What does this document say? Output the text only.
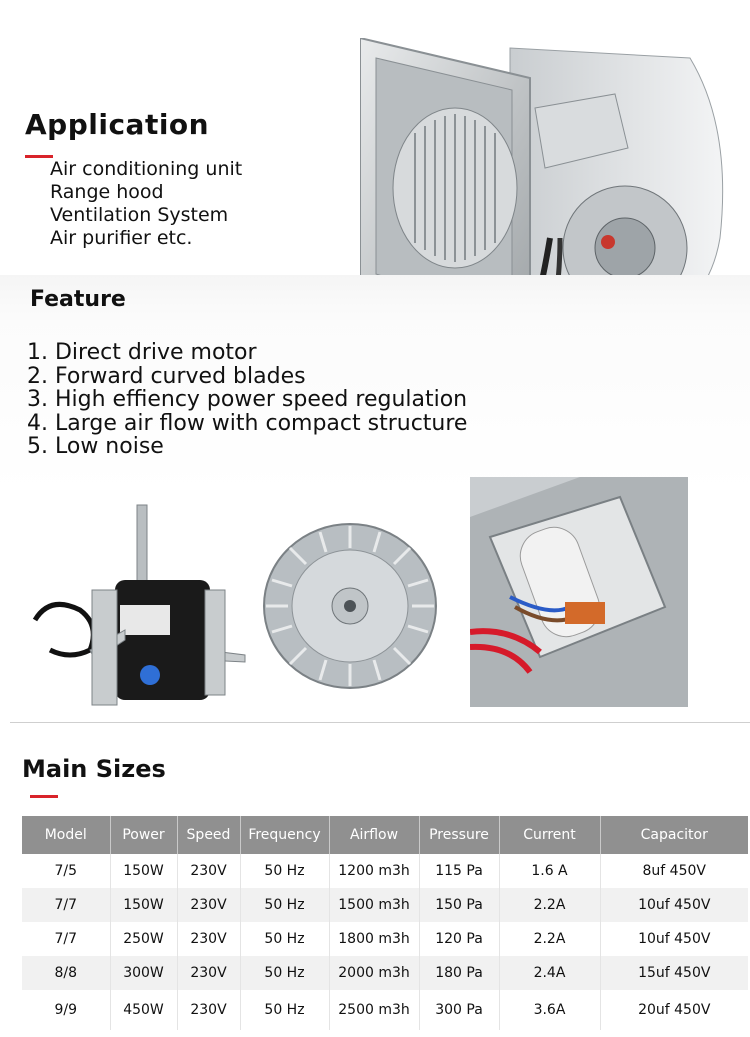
Application
Air conditioning unit
Range hood
Ventilation System
Air purifier etc.
Feature
1. Direct drive motor
2. Forward curved blades
3. High effiency power speed regulation
4. Large air flow with compact structure
5. Low noise
Main Sizes
Model	Power	Speed	Frequency	Airflow	Pressure	Current	Capacitor
7/5	150W	230V	50 Hz	1200 m3h	115 Pa	1.6 A	8uf 450V
7/7	150W	230V	50 Hz	1500 m3h	150 Pa	2.2A	10uf 450V
7/7	250W	230V	50 Hz	1800 m3h	120 Pa	2.2A	10uf 450V
8/8	300W	230V	50 Hz	2000 m3h	180 Pa	2.4A	15uf 450V
9/9	450W	230V	50 Hz	2500 m3h	300 Pa	3.6A	20uf 450V
